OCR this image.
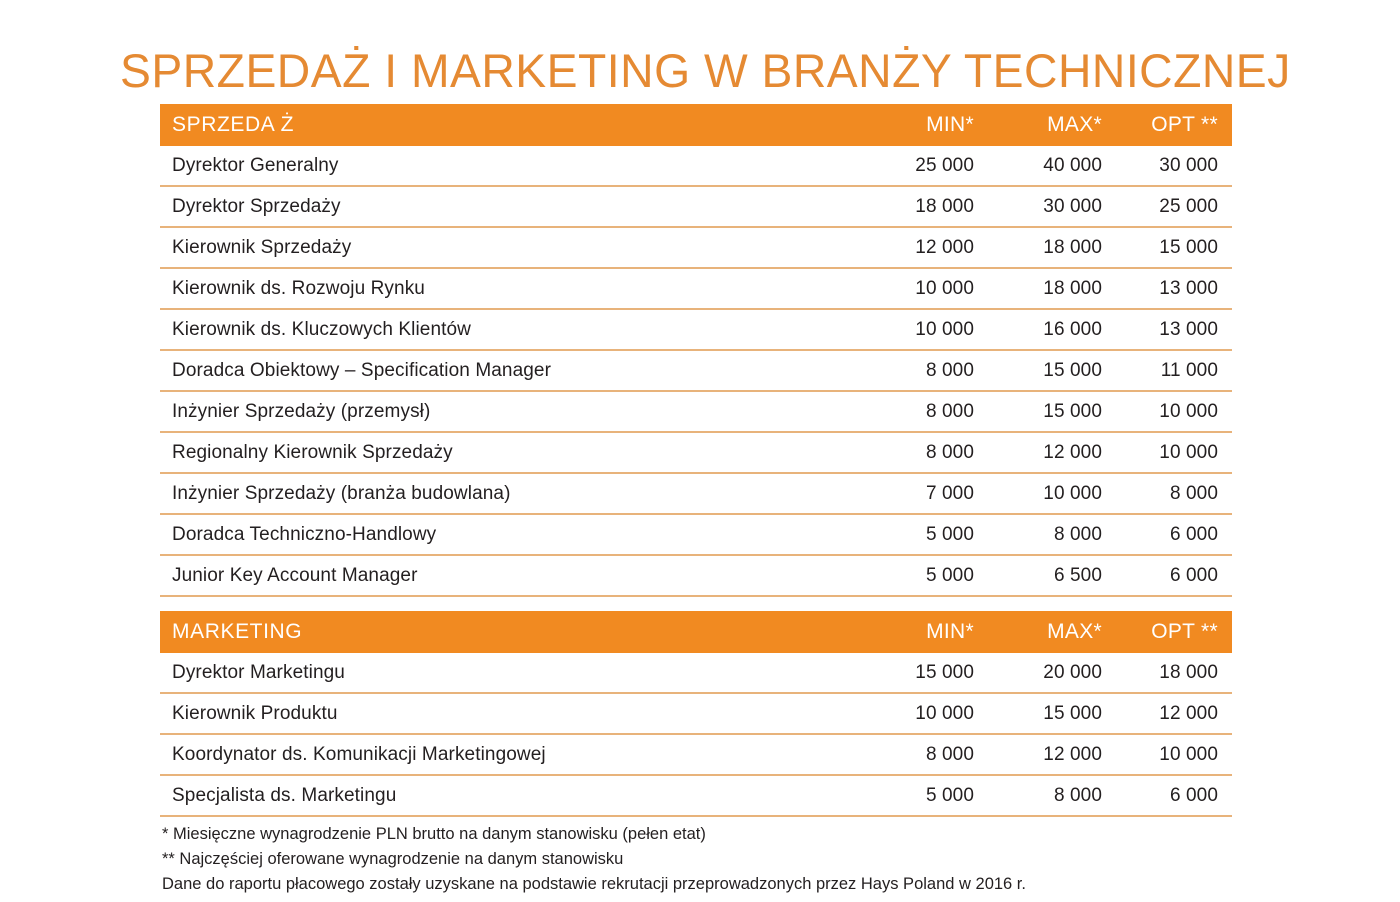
SPRZEDAŻ I MARKETING W BRANŻY TECHNICZNEJ
SPRZEDA Ż	MIN*	MAX*	OPT **
Dyrektor Generalny	25 000	40 000	30 000
Dyrektor Sprzedaży	18 000	30 000	25 000
Kierownik Sprzedaży	12 000	18 000	15 000
Kierownik ds. Rozwoju Rynku	10 000	18 000	13 000
Kierownik ds. Kluczowych Klientów	10 000	16 000	13 000
Doradca Obiektowy – Specification Manager	8 000	15 000	11 000
Inżynier Sprzedaży (przemysł)	8 000	15 000	10 000
Regionalny Kierownik Sprzedaży	8 000	12 000	10 000
Inżynier Sprzedaży (branża budowlana)	7 000	10 000	8 000
Doradca Techniczno-Handlowy	5 000	8 000	6 000
Junior Key Account Manager	5 000	6 500	6 000
MARKETING	MIN*	MAX*	OPT **
Dyrektor Marketingu	15 000	20 000	18 000
Kierownik Produktu	10 000	15 000	12 000
Koordynator ds. Komunikacji Marketingowej	8 000	12 000	10 000
Specjalista ds. Marketingu	5 000	8 000	6 000
* Miesięczne wynagrodzenie PLN brutto na danym stanowisku (pełen etat)
** Najczęściej oferowane wynagrodzenie na danym stanowisku
Dane do raportu płacowego zostały uzyskane na podstawie rekrutacji przeprowadzonych przez Hays Poland w 2016 r.
